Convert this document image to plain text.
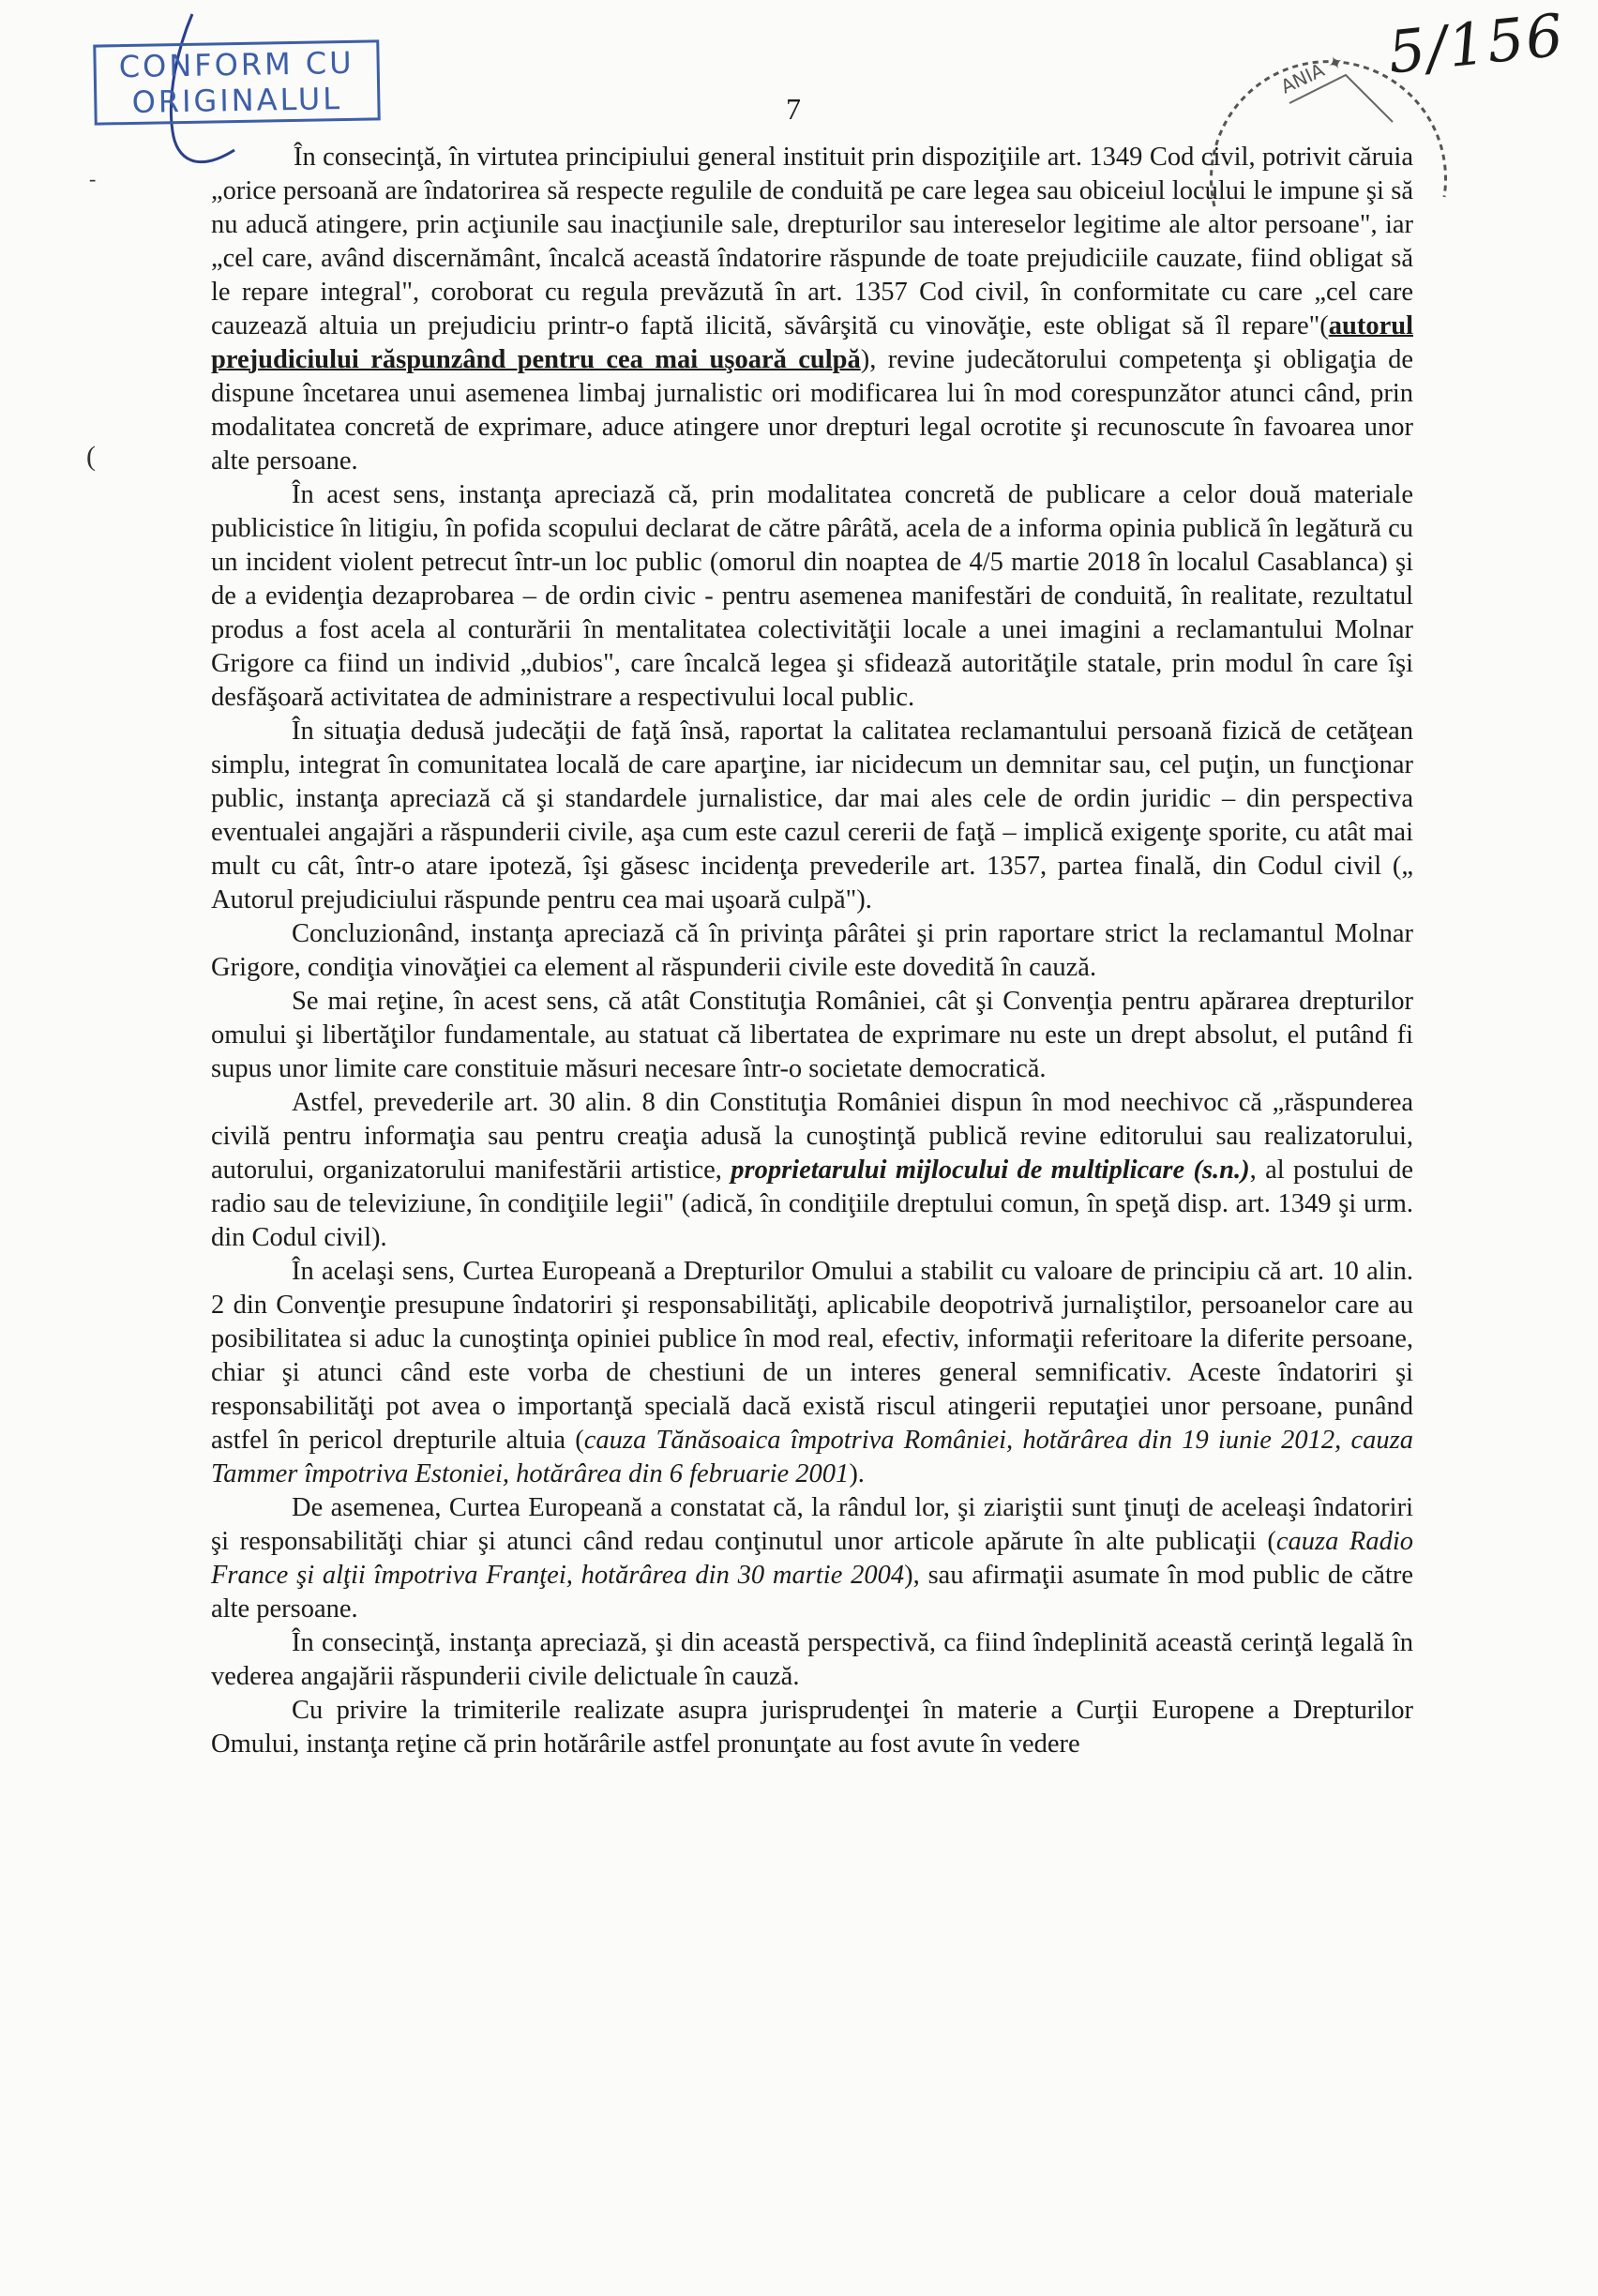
CONFORM CU
ORIGINALUL	7
ANIA ✦ 5/156
(
-

În consecinţă, în virtutea principiului general instituit prin dispoziţiile art. 1349 Cod civil, potrivit căruia „orice persoană are îndatorirea să respecte regulile de conduită pe care legea sau obiceiul locului le impune şi să nu aducă atingere, prin acţiunile sau inacţiunile sale, drepturilor sau intereselor legitime ale altor persoane", iar „cel care, având discernământ, încalcă această îndatorire răspunde de toate prejudiciile cauzate, fiind obligat să le repare integral", coroborat cu regula prevăzută în art. 1357 Cod civil, în conformitate cu care „cel care cauzează altuia un prejudiciu printr-o faptă ilicită, săvârşită cu vinovăţie, este obligat să îl repare"(autorul prejudiciului răspunzând pentru cea mai uşoară culpă), revine judecătorului competenţa şi obligaţia de dispune încetarea unui asemenea limbaj jurnalistic ori modificarea lui în mod corespunzător atunci când, prin modalitatea concretă de exprimare, aduce atingere unor drepturi legal ocrotite şi recunoscute în favoarea unor alte persoane.

În acest sens, instanţa apreciază că, prin modalitatea concretă de publicare a celor două materiale publicistice în litigiu, în pofida scopului declarat de către pârâtă, acela de a informa opinia publică în legătură cu un incident violent petrecut într-un loc public (omorul din noaptea de 4/5 martie 2018 în localul Casablanca) şi de a evidenţia dezaprobarea – de ordin civic - pentru asemenea manifestări de conduită, în realitate, rezultatul produs a fost acela al conturării în mentalitatea colectivităţii locale a unei imagini a reclamantului Molnar Grigore ca fiind un individ „dubios", care încalcă legea şi sfidează autorităţile statale, prin modul în care îşi desfăşoară activitatea de administrare a respectivului local public.

În situaţia dedusă judecăţii de faţă însă, raportat la calitatea reclamantului persoană fizică de cetăţean simplu, integrat în comunitatea locală de care aparţine, iar nicidecum un demnitar sau, cel puţin, un funcţionar public, instanţa apreciază că şi standardele jurnalistice, dar mai ales cele de ordin juridic – din perspectiva eventualei angajări a răspunderii civile, aşa cum este cazul cererii de faţă – implică exigenţe sporite, cu atât mai mult cu cât, într-o atare ipoteză, îşi găsesc incidenţa prevederile art. 1357, partea finală, din Codul civil („ Autorul prejudiciului răspunde pentru cea mai uşoară culpă").

Concluzionând, instanţa apreciază că în privinţa pârâtei şi prin raportare strict la reclamantul Molnar Grigore, condiţia vinovăţiei ca element al răspunderii civile este dovedită în cauză.

Se mai reţine, în acest sens, că atât Constituţia României, cât şi Convenţia pentru apărarea drepturilor omului şi libertăţilor fundamentale, au statuat că libertatea de exprimare nu este un drept absolut, el putând fi supus unor limite care constituie măsuri necesare într-o societate democratică.

Astfel, prevederile art. 30 alin. 8 din Constituţia României dispun în mod neechivoc că „răspunderea civilă pentru informaţia sau pentru creaţia adusă la cunoştinţă publică revine editorului sau realizatorului, autorului, organizatorului manifestării artistice, proprietarului mijlocului de multiplicare (s.n.), al postului de radio sau de televiziune, în condiţiile legii" (adică, în condiţiile dreptului comun, în speţă disp. art. 1349 şi urm. din Codul civil).

În acelaşi sens, Curtea Europeană a Drepturilor Omului a stabilit cu valoare de principiu că art. 10 alin. 2 din Convenţie presupune îndatoriri şi responsabilităţi, aplicabile deopotrivă jurnaliştilor, persoanelor care au posibilitatea si aduc la cunoştinţa opiniei publice în mod real, efectiv, informaţii referitoare la diferite persoane, chiar şi atunci când este vorba de chestiuni de un interes general semnificativ. Aceste îndatoriri şi responsabilităţi pot avea o importanţă specială dacă există riscul atingerii reputaţiei unor persoane, punând astfel în pericol drepturile altuia (cauza Tănăsoaica împotriva României, hotărârea din 19 iunie 2012, cauza Tammer împotriva Estoniei, hotărârea din 6 februarie 2001).

De asemenea, Curtea Europeană a constatat că, la rândul lor, şi ziariştii sunt ţinuţi de aceleaşi îndatoriri şi responsabilităţi chiar şi atunci când redau conţinutul unor articole apărute în alte publicaţii (cauza Radio France şi alţii împotriva Franţei, hotărârea din 30 martie 2004), sau afirmaţii asumate în mod public de către alte persoane.

În consecinţă, instanţa apreciază, şi din această perspectivă, ca fiind îndeplinită această cerinţă legală în vederea angajării răspunderii civile delictuale în cauză.

Cu privire la trimiterile realizate asupra jurisprudenţei în materie a Curţii Europene a Drepturilor Omului, instanţa reţine că prin hotărârile astfel pronunţate au fost avute în vedere
